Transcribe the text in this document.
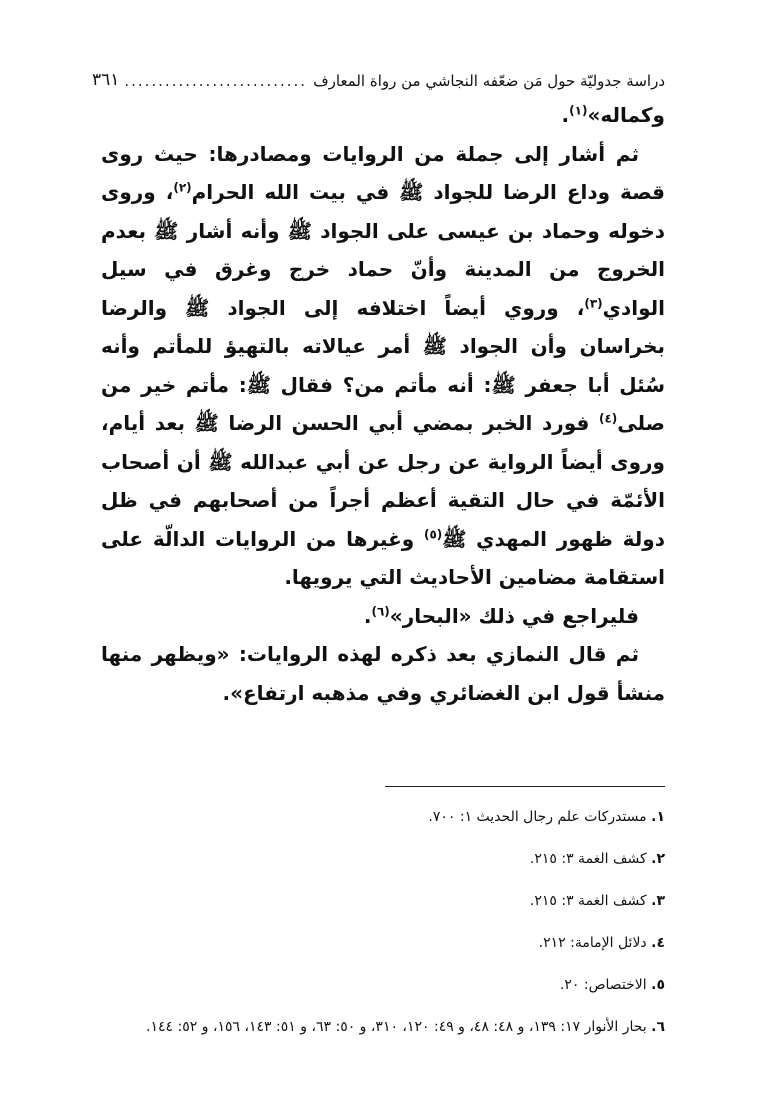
دراسة جدوليّة حول مَن ضعّفه النجاشي من رواة المعارف
.....
٣٦١

وكماله»$^{(١)}$.

ثم أشار إلى جملة من الروايات ومصادرها: حيث روى قصة وداع الرضا للجواد ﷺ في بيت الله الحرام$^{(٢)}$، وروى دخوله وحماد بن عيسى على الجواد ﷺ وأنه أشار ﷺ بعدم الخروج من المدينة وأنّ حماد خرج وغرق في سيل الوادي$^{(٣)}$، وروي أيضاً اختلافه إلى الجواد ﷺ والرضا بخراسان وأن الجواد ﷺ أمر عيالاته بالتهيؤ للمأتم وأنه سُئل أبا جعفر ﷺ: أنه مأتم من؟ فقال ﷺ: مأتم خير من صلى$^{(٤)}$ فورد الخبر بمضي أبي الحسن الرضا ﷺ بعد أيام، وروى أيضاً الرواية عن رجل عن أبي عبدالله ﷺ أن أصحاب الأئمّة في حال التقية أعظم أجراً من أصحابهم في ظل دولة ظهور المهدي ﷺ$^{(٥)}$ وغيرها من الروايات الدالّة على استقامة مضامين الأحاديث التي يرويها.

فليراجع في ذلك «البحار»$^{(٦)}$.

ثم قال النمازي بعد ذكره لهذه الروايات: «ويظهر منها منشأ قول ابن الغضائري وفي مذهبه ارتفاع».

١. مستدركات علم رجال الحديث ١: ٧٠٠.
٢. كشف الغمة ٣: ٢١٥.
٣. كشف الغمة ٣: ٢١٥.
٤. دلائل الإمامة: ٢١٢.
٥. الاختصاص: ٢٠.
٦. بحار الأنوار ١٧: ١٣٩، و ٤٨: ٤٨، و ٤٩: ١٢٠، ٣١٠، و ٥٠: ٦٣، و ٥١: ١٤٣، ١٥٦، و ٥٢: ١٤٤.
